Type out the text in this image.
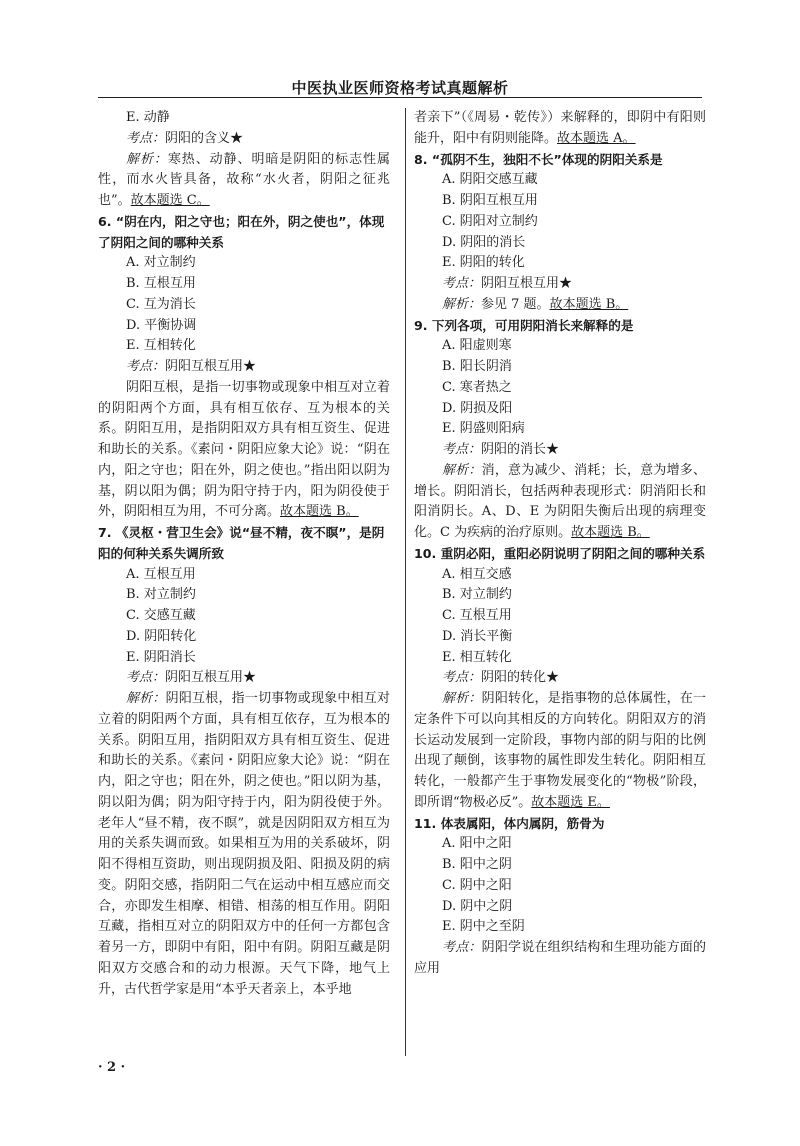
中医执业医师资格考试真题解析

E. 动静

考点：阴阳的含义★

解析：寒热、动静、明暗是阴阳的标志性属性，而水火皆具备，故称“水火者，阴阳之征兆也”。故本题选 C。

6. “阴在内，阳之守也；阳在外，阴之使也”，体现了阴阳之间的哪种关系

A. 对立制约

B. 互根互用

C. 互为消长

D. 平衡协调

E. 互相转化

考点：阴阳互根互用★

阴阳互根，是指一切事物或现象中相互对立着的阴阳两个方面，具有相互依存、互为根本的关系。阴阳互用，是指阴阳双方具有相互资生、促进和助长的关系。《素问・阴阳应象大论》说：“阴在内，阳之守也；阳在外，阴之使也。”指出阳以阴为基，阴以阳为偶；阴为阳守持于内，阳为阴役使于外，阴阳相互为用，不可分离。故本题选 B。

7. 《灵枢・营卫生会》说“昼不精，夜不瞑”，是阴阳的何种关系失调所致

A. 互根互用

B. 对立制约

C. 交感互藏

D. 阴阳转化

E. 阴阳消长

考点：阴阳互根互用★

解析：阴阳互根，指一切事物或现象中相互对立着的阴阳两个方面，具有相互依存，互为根本的关系。阴阳互用，指阴阳双方具有相互资生、促进和助长的关系。《素问・阴阳应象大论》说：“阴在内，阳之守也；阳在外，阴之使也。”阳以阴为基，阴以阳为偶；阴为阳守持于内，阳为阴役使于外。老年人“昼不精，夜不瞑”，就是因阴阳双方相互为用的关系失调而致。如果相互为用的关系破坏，阴阳不得相互资助，则出现阴损及阳、阳损及阴的病变。阴阳交感，指阴阳二气在运动中相互感应而交合，亦即发生相摩、相错、相荡的相互作用。阴阳互藏，指相互对立的阴阳双方中的任何一方都包含着另一方，即阴中有阳，阳中有阴。阴阳互藏是阴阳双方交感合和的动力根源。天气下降，地气上升，古代哲学家是用“本乎天者亲上，本乎地

者亲下”（《周易・乾传》）来解释的，即阴中有阳则能升，阳中有阴则能降。故本题选 A。

8. “孤阴不生，独阳不长”体现的阴阳关系是

A. 阴阳交感互藏

B. 阴阳互根互用

C. 阴阳对立制约

D. 阴阳的消长

E. 阴阳的转化

考点：阴阳互根互用★

解析：参见 7 题。故本题选 B。

9. 下列各项，可用阴阳消长来解释的是

A. 阳虚则寒

B. 阳长阴消

C. 寒者热之

D. 阴损及阳

E. 阴盛则阳病

考点：阴阳的消长★

解析：消，意为减少、消耗；长，意为增多、增长。阴阳消长，包括两种表现形式：阴消阳长和阳消阴长。A、D、E 为阴阳失衡后出现的病理变化。C 为疾病的治疗原则。故本题选 B。

10. 重阴必阳，重阳必阴说明了阴阳之间的哪种关系

A. 相互交感

B. 对立制约

C. 互根互用

D. 消长平衡

E. 相互转化

考点：阴阳的转化★

解析：阴阳转化，是指事物的总体属性，在一定条件下可以向其相反的方向转化。阴阳双方的消长运动发展到一定阶段，事物内部的阴与阳的比例出现了颠倒，该事物的属性即发生转化。阴阳相互转化，一般都产生于事物发展变化的“物极”阶段，即所谓“物极必反”。故本题选 E。

11. 体表属阳，体内属阴，筋骨为

A. 阳中之阳

B. 阳中之阴

C. 阴中之阳

D. 阴中之阴

E. 阴中之至阴

考点：阴阳学说在组织结构和生理功能方面的应用

· 2 ·
